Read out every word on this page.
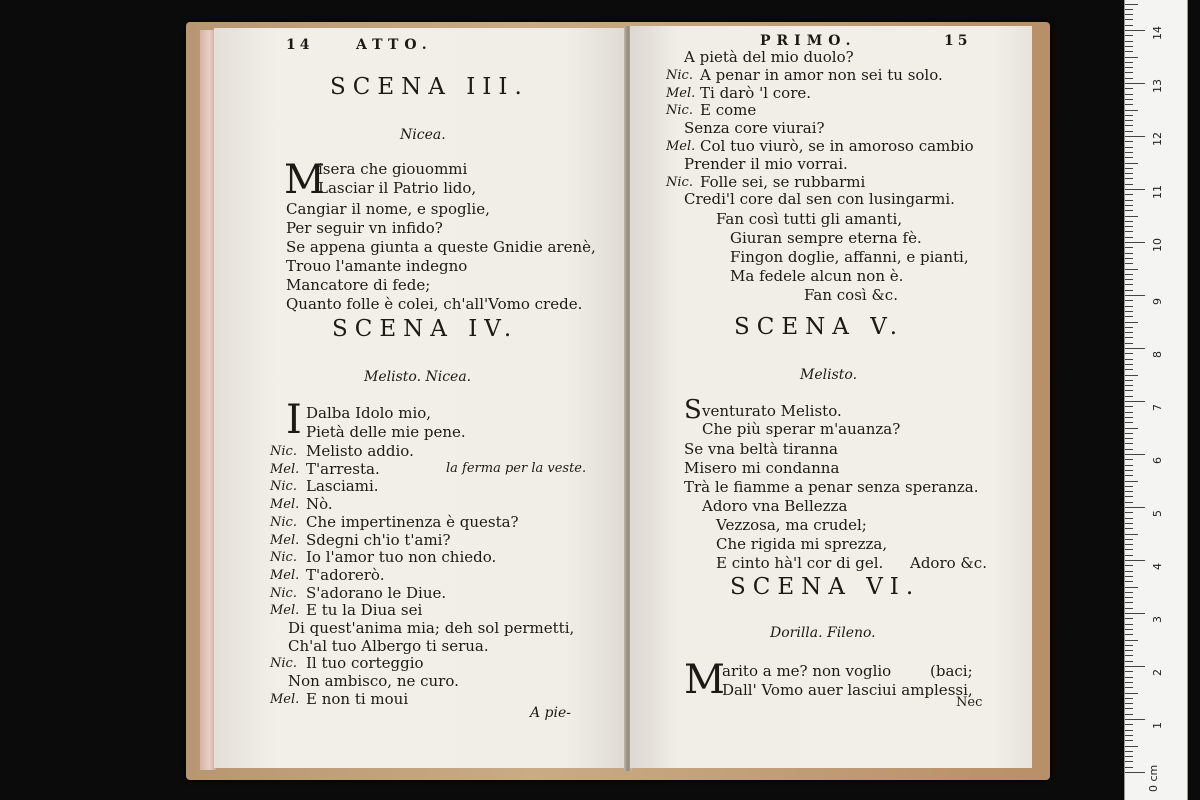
14	ATTO.
SCENA III.
Nicea.
M
isera che giouommi
Lasciar il Patrio lido,
Cangiar il nome, e spoglie,
Per seguir vn infido?
Se appena giunta a queste Gnidie arenè,
Trouo l'amante indegno
Mancatore di fede;
Quanto folle è colei, ch'all'Vomo crede.
SCENA IV.
Melisto. Nicea.
I Dalba Idolo mio,
Pietà delle mie pene.
la ferma per la veste.
Nic. Melisto addio.
Mel. T'arresta.
Nic. Lasciami.
Mel. Nò.
Nic. Che impertinenza è questa?
Mel. Sdegni ch'io t'ami?
Nic. Io l'amor tuo non chiedo.
Mel. T'adorerò.
Nic. S'adorano le Diue.
Mel. E tu la Diua sei
Di quest'anima mia; deh sol permetti,
Ch'al tuo Albergo ti serua.
Nic. Il tuo corteggio
Non ambisco, ne curo.
Mel. E non ti moui
A pie-
PRIMO.	15
A pietà del mio duolo?
Nic. A penar in amor non sei tu solo.
Mel. Ti darò 'l core.
Nic. E come
Senza core viurai?
Mel. Col tuo viurò, se in amoroso cambio
Prender il mio vorrai.
Nic. Folle sei, se rubbarmi
Credi'l core dal sen con lusingarmi.
Fan così tutti gli amanti,
Giuran sempre eterna fè.
Fingon doglie, affanni, e pianti,
Ma fedele alcun non è.
Fan così &c.
SCENA V.
Melisto.
S venturato Melisto.
Che più sperar m'auanza?
Se vna beltà tiranna
Misero mi condanna
Trà le fiamme a penar senza speranza.
Adoro vna Bellezza
Vezzosa, ma crudel;
Che rigida mi sprezza,
E cinto hà'l cor di gel. Adoro &c.
SCENA VI.
Dorilla. Fileno.
M
arito a me? non voglio	(baci;
Dall' Vomo auer lasciui amplessi,
Nec
0 cm
14
13
12
11
10
9
8
7
6
5
4
3
2
1
